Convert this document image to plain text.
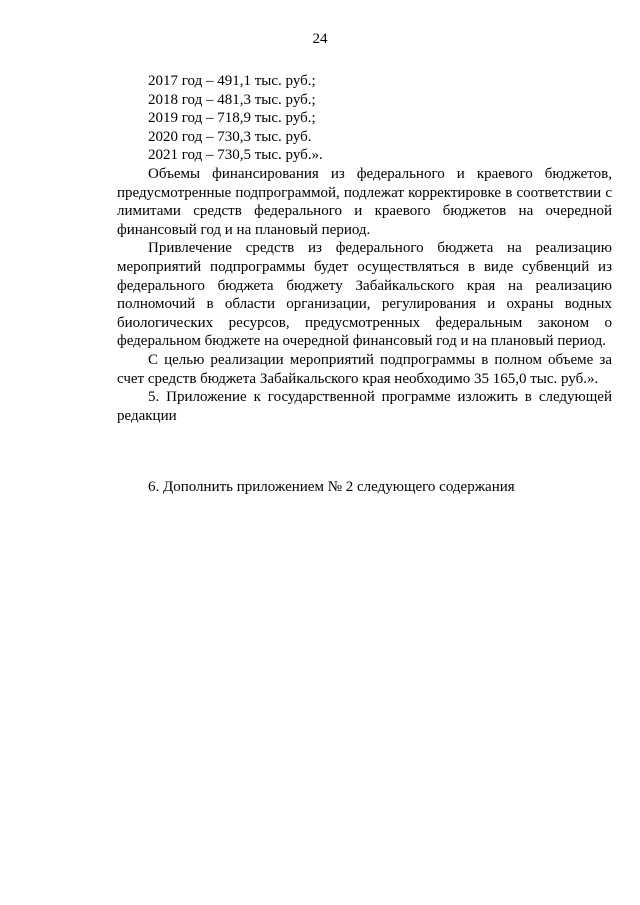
24

2017 год – 491,1 тыс. руб.;

2018 год – 481,3 тыс. руб.;

2019 год – 718,9 тыс. руб.;

2020 год – 730,3 тыс. руб.

2021 год – 730,5 тыс. руб.».

Объемы финансирования из федерального и краевого бюджетов, предусмотренные подпрограммой, подлежат корректировке в соответствии с лимитами средств федерального и краевого бюджетов на очередной финансовый год и на плановый период.

Привлечение средств из федерального бюджета на реализацию мероприятий подпрограммы будет осуществляться в виде субвенций из федерального бюджета бюджету Забайкальского края на реализацию полномочий в области организации, регулирования и охраны водных биологических ресурсов, предусмотренных федеральным законом о федеральном бюджете на очередной финансовый год и на плановый период.

С целью реализации мероприятий подпрограммы в полном объеме за счет средств бюджета Забайкальского края необходимо 35 165,0 тыс. руб.».

5. Приложение к государственной программе изложить в следующей редакции

6. Дополнить приложением № 2 следующего содержания
